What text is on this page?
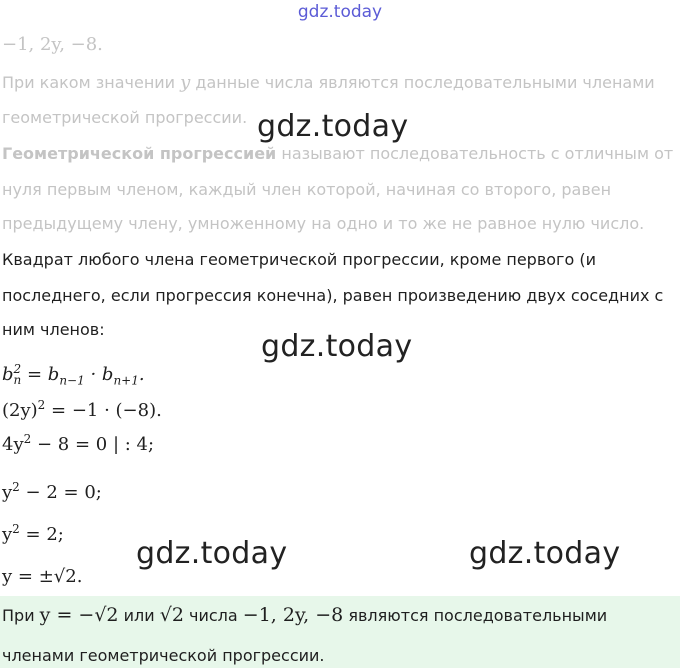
gdz.today
−1, 2y, −8.
При каком значении y данные числа являются последовательными членами
геометрической прогрессии.
Геометрической прогрессией называют последовательность с отличным от
нуля первым членом, каждый член которой, начиная со второго, равен
предыдущему члену, умноженному на одно и то же не равное нулю число.
Квадрат любого члена геометрической прогрессии, кроме первого (и
последнего, если прогрессия конечна), равен произведению двух соседних с
ним членов:
b 2
$n = b_{n-1} \cdot b_{n+1}$.
$(2y)^2 = -1 \cdot (-8)$.
$4y^2 - 8 = 0$ | : 4;
$y^2 - 2 = 0$;
$y^2 = 2$;
y = ±√2.
При y = −√2 или √2 числа −1, 2y, −8 являются последовательными
членами геометрической прогрессии.
gdz.today
gdz.today
gdz.today	gdz.today
